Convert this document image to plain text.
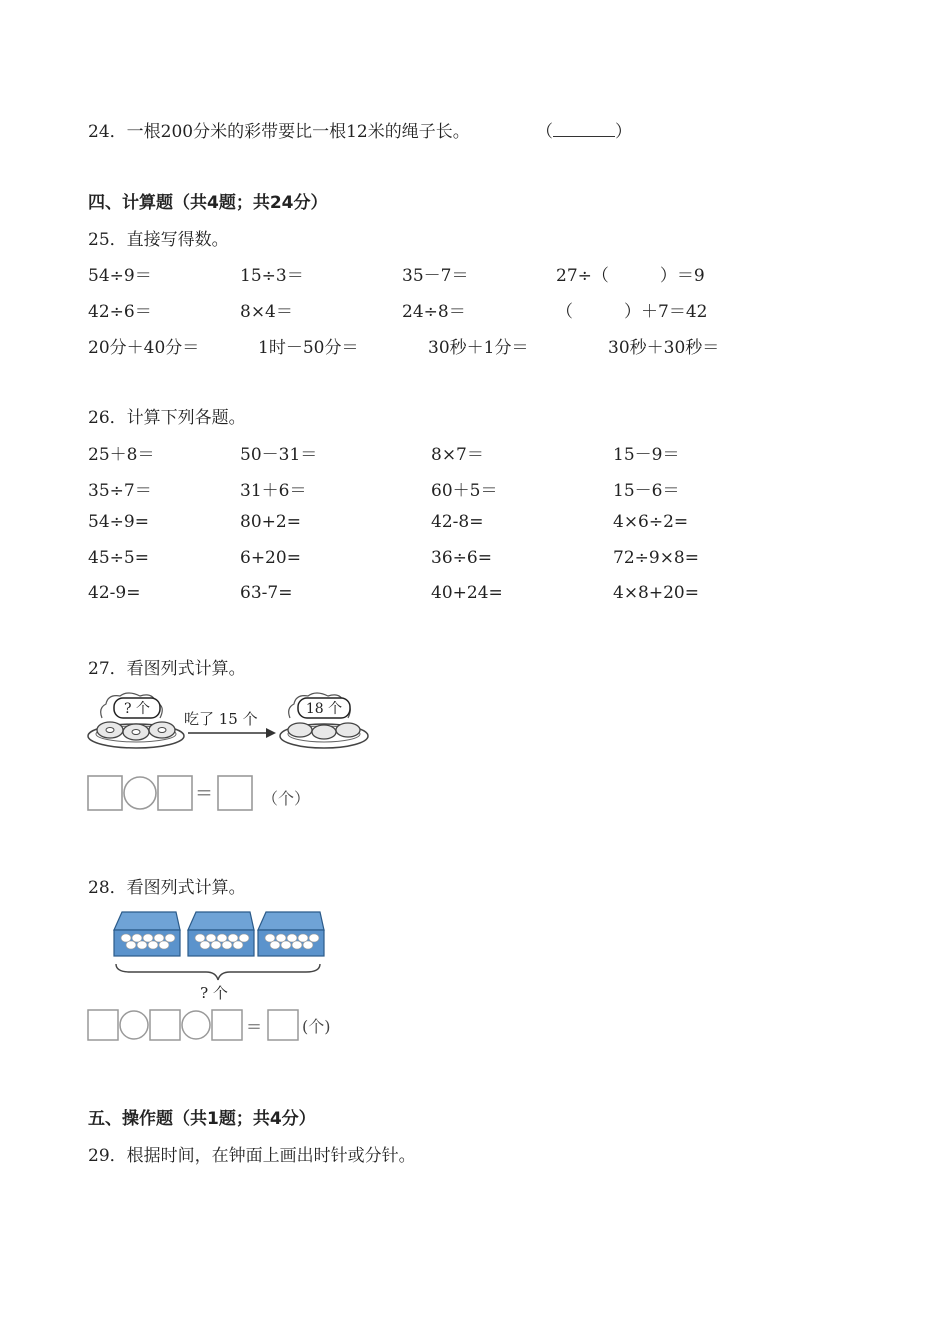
24．一根200分米的彩带要比一根12米的绳子长。	（	）
四、计算题（共4题；共24分）
25．直接写得数。
54÷9＝	15÷3＝	35－7＝	27÷（　　　）＝9
42÷6＝	8×4＝	24÷8＝	（　　　）＋7＝42
20分＋40分＝	1时－50分＝	30秒＋1分＝	30秒＋30秒＝
26．计算下列各题。
25＋8＝	50－31＝	8×7＝	15－9＝
35÷7＝	31＋6＝	60＋5＝	15－6＝
54÷9=	80+2=	42-8=	4×6÷2=
45÷5=	6+20=	36÷6=	72÷9×8=
42-9=	63-7=	40+24=	4×8+20=
27．看图列式计算。
? 个
吃了 15 个
18 个
=	（个）
28．看图列式计算。
? 个
=	(个)
五、操作题（共1题；共4分）
29．根据时间，在钟面上画出时针或分针。
